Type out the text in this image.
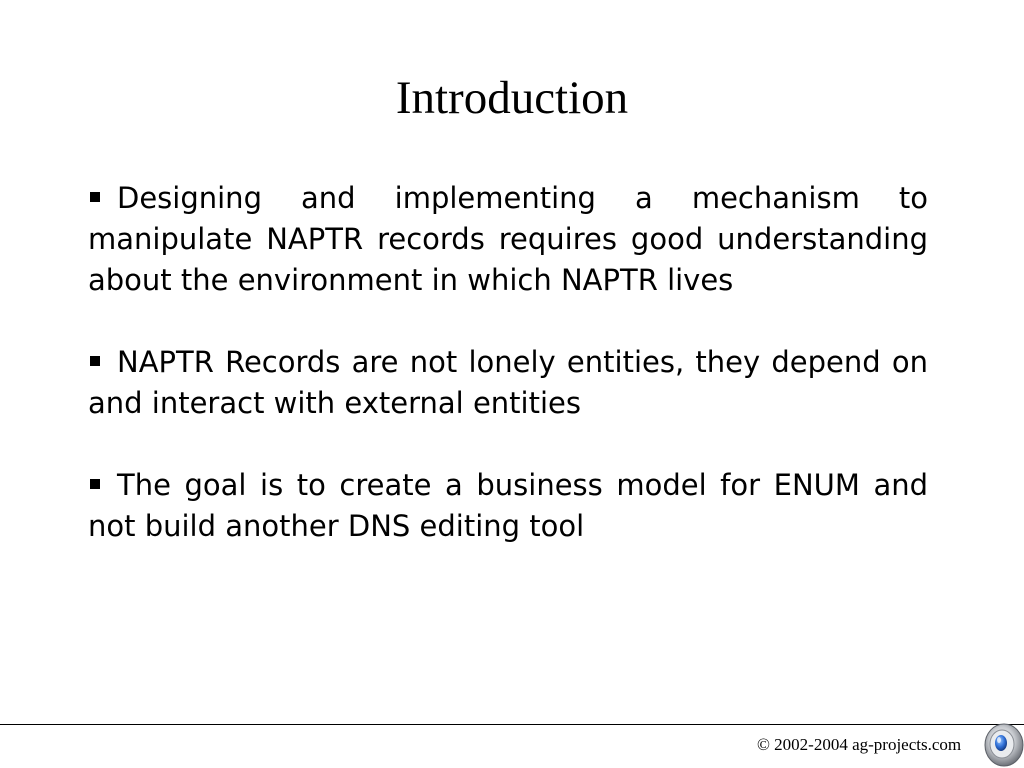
Introduction
Designing and implementing a mechanism to manipulate NAPTR records requires good understanding about the environment in which NAPTR lives
NAPTR Records are not lonely entities, they depend on and interact with external entities
The goal is to create a business model for ENUM and not build another DNS editing tool
© 2002-2004 ag-projects.com
